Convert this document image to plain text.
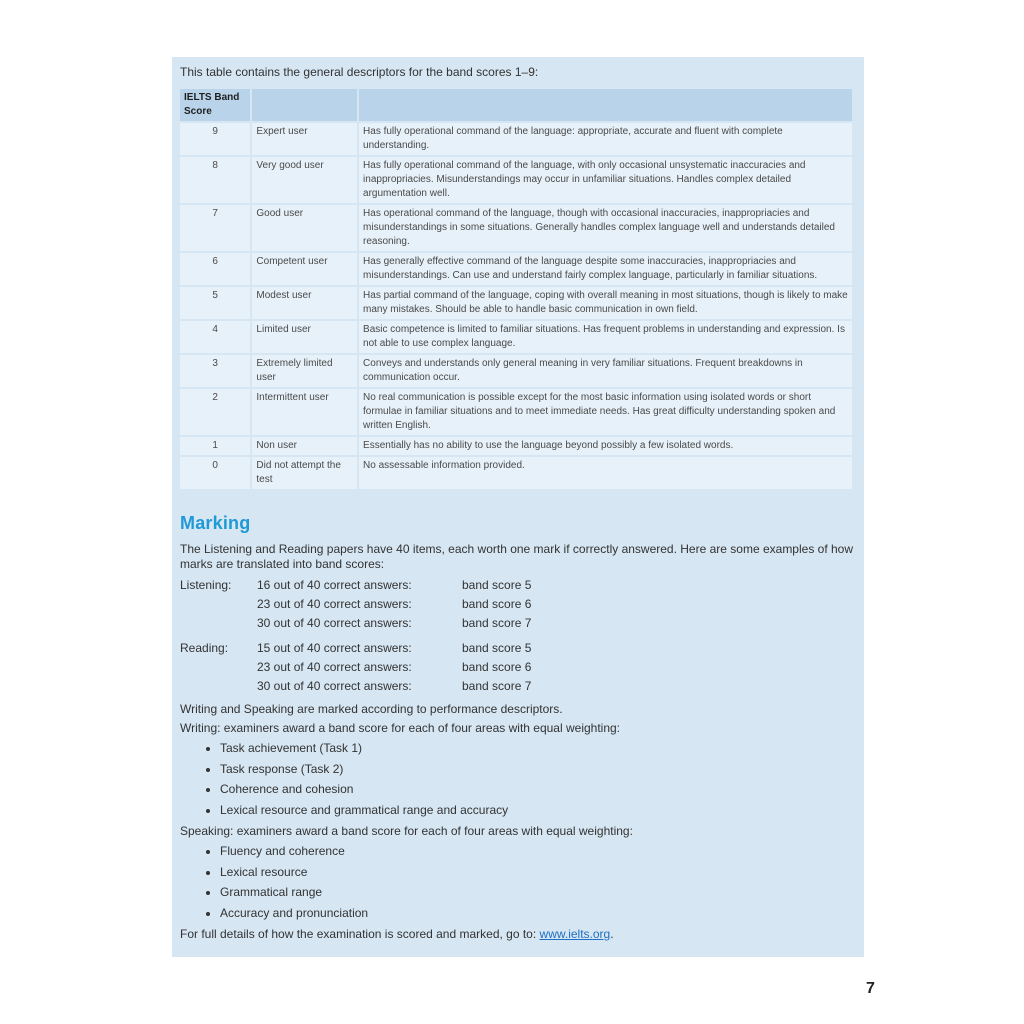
This table contains the general descriptors for the band scores 1–9:

IELTS Band Score		
9	Expert user	Has fully operational command of the language: appropriate, accurate and fluent with complete understanding.
8	Very good user	Has fully operational command of the language, with only occasional unsystematic inaccuracies and inappropriacies. Misunderstandings may occur in unfamiliar situations. Handles complex detailed argumentation well.
7	Good user	Has operational command of the language, though with occasional inaccuracies, inappropriacies and misunderstandings in some situations. Generally handles complex language well and understands detailed reasoning.
6	Competent user	Has generally effective command of the language despite some inaccuracies, inappropriacies and misunderstandings. Can use and understand fairly complex language, particularly in familiar situations.
5	Modest user	Has partial command of the language, coping with overall meaning in most situations, though is likely to make many mistakes. Should be able to handle basic communication in own field.
4	Limited user	Basic competence is limited to familiar situations. Has frequent problems in understanding and expression. Is not able to use complex language.
3	Extremely limited user	Conveys and understands only general meaning in very familiar situations. Frequent breakdowns in communication occur.
2	Intermittent user	No real communication is possible except for the most basic information using isolated words or short formulae in familiar situations and to meet immediate needs. Has great difficulty understanding spoken and written English.
1	Non user	Essentially has no ability to use the language beyond possibly a few isolated words.
0	Did not attempt the test	No assessable information provided.
Marking

The Listening and Reading papers have 40 items, each worth one mark if correctly answered. Here are some examples of how marks are translated into band scores:

Listening:	16 out of 40 correct answers:	band score 5
23 out of 40 correct answers:	band score 6
30 out of 40 correct answers:	band score 7
Reading:	15 out of 40 correct answers:	band score 5
23 out of 40 correct answers:	band score 6
30 out of 40 correct answers:	band score 7

Writing and Speaking are marked according to performance descriptors.

Writing: examiners award a band score for each of four areas with equal weighting:

• Task achievement (Task 1)
• Task response (Task 2)
• Coherence and cohesion
• Lexical resource and grammatical range and accuracy

Speaking: examiners award a band score for each of four areas with equal weighting:

• Fluency and coherence
• Lexical resource
• Grammatical range
• Accuracy and pronunciation

For full details of how the examination is scored and marked, go to: www.ielts.org.

7
